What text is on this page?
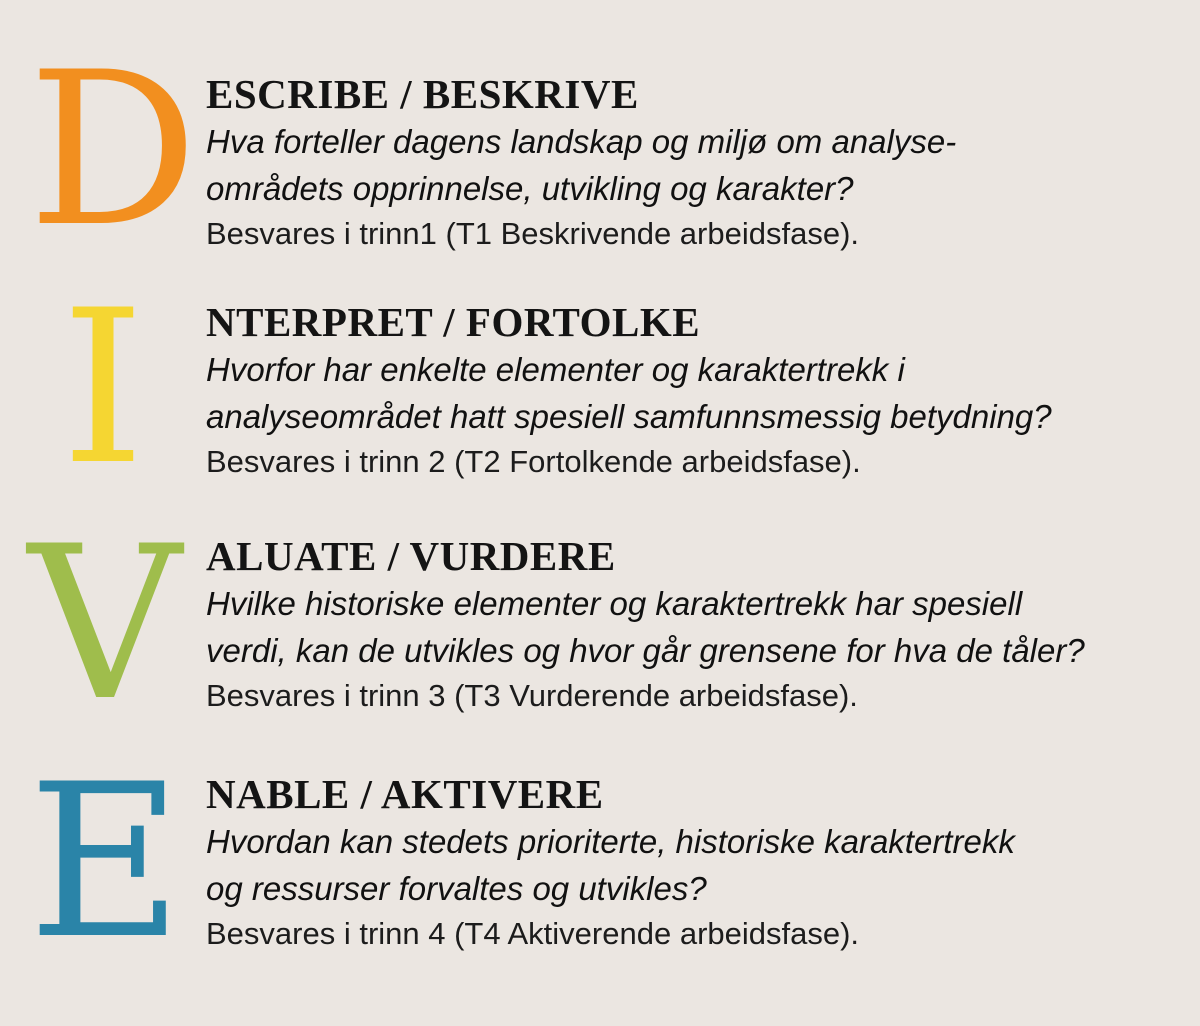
D ESCRIBE / BESKRIVE
Hva forteller dagens landskap og miljø om analyse-
områdets opprinnelse, utvikling og karakter?
Besvares i trinn1 (T1 Beskrivende arbeidsfase).
I	NTERPRET / FORTOLKE
Hvorfor har enkelte elementer og karaktertrekk i
analyseområdet hatt spesiell samfunnsmessig betydning?
Besvares i trinn 2 (T2 Fortolkende arbeidsfase).
V ALUATE / VURDERE
Hvilke historiske elementer og karaktertrekk har spesiell
verdi, kan de utvikles og hvor går grensene for hva de tåler?
Besvares i trinn 3 (T3 Vurderende arbeidsfase).
E NABLE / AKTIVERE
Hvordan kan stedets prioriterte, historiske karaktertrekk
og ressurser forvaltes og utvikles?
Besvares i trinn 4 (T4 Aktiverende arbeidsfase).
